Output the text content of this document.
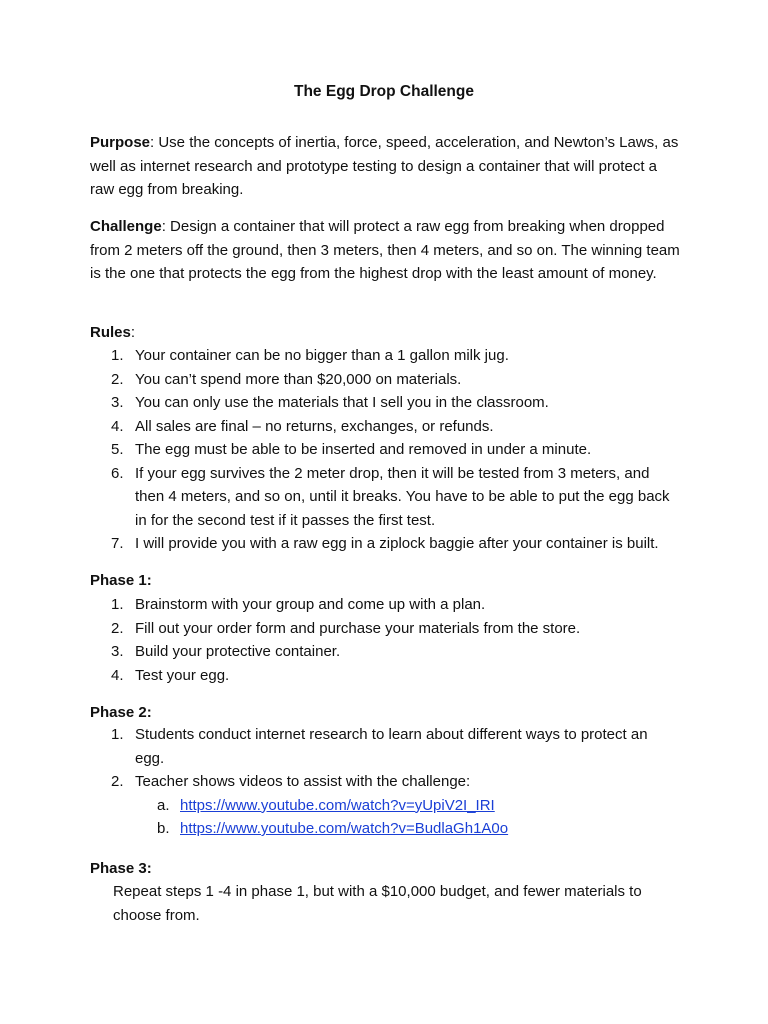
The Egg Drop Challenge

Purpose: Use the concepts of inertia, force, speed, acceleration, and Newton’s Laws, as well as internet research and prototype testing to design a container that will protect a raw egg from breaking.

Challenge: Design a container that will protect a raw egg from breaking when dropped from 2 meters off the ground, then 3 meters, then 4 meters, and so on. The winning team is the one that protects the egg from the highest drop with the least amount of money.

Rules:

1. Your container can be no bigger than a 1 gallon milk jug.
2. You can’t spend more than $20,000 on materials.
3. You can only use the materials that I sell you in the classroom.
4. All sales are final – no returns, exchanges, or refunds.
5. The egg must be able to be inserted and removed in under a minute.
6. If your egg survives the 2 meter drop, then it will be tested from 3 meters, and then 4 meters, and so on, until it breaks. You have to be able to put the egg back in for the second test if it passes the first test.
7. I will provide you with a raw egg in a ziplock baggie after your container is built.

Phase 1:

1. Brainstorm with your group and come up with a plan.
2. Fill out your order form and purchase your materials from the store.
3. Build your protective container.
4. Test your egg.

Phase 2:

1. Students conduct internet research to learn about different ways to protect an egg.
2. Teacher shows videos to assist with the challenge:
a. https://www.youtube.com/watch?v=yUpiV2I_IRI
b. https://www.youtube.com/watch?v=BudlaGh1A0o

Phase 3:

Repeat steps 1 -4 in phase 1, but with a $10,000 budget, and fewer materials to choose from.
